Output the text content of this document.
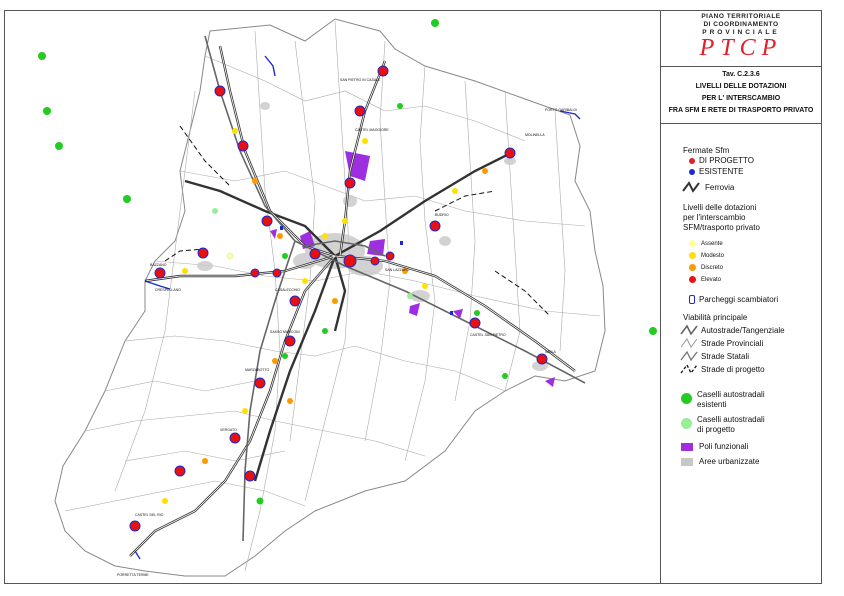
PORTO GARIBALDI
MOLINELLA
CASTEL MAGGIORE
SAN LAZZARO
CASALECCHIO
SASSO MARCONI
VERGATO
PORRETTA TERME
IMOLA
CASTEL SAN PIETRO
BAZZANO
CRESPELLANO
BUDRIO
SAN PIETRO IN CASALE
CASTEL DEL RIO
MARZABOTTO
PIANO TERRITORIALE
DI COORDINAMENTO
PROVINCIALE
PTCP
Tav. C.2.3.6
LIVELLI DELLE DOTAZIONI
PER L' INTERSCAMBIO
FRA SFM E RETE DI TRASPORTO PRIVATO
Fermate Sfm
DI PROGETTO
ESISTENTE
Ferrovia
Livelli delle dotazioni
per l'interscambio
SFM/trasporto privato
Assente
Modesto
Discreto
Elevato
Parcheggi scambiatori
Viabilità principale
Autostrade/Tangenziale
Strade Provinciali
Strade Statali
Strade di progetto
Caselli autostradali
esistenti
Caselli autostradali
di progetto
Poli funzionali
Aree urbanizzate
